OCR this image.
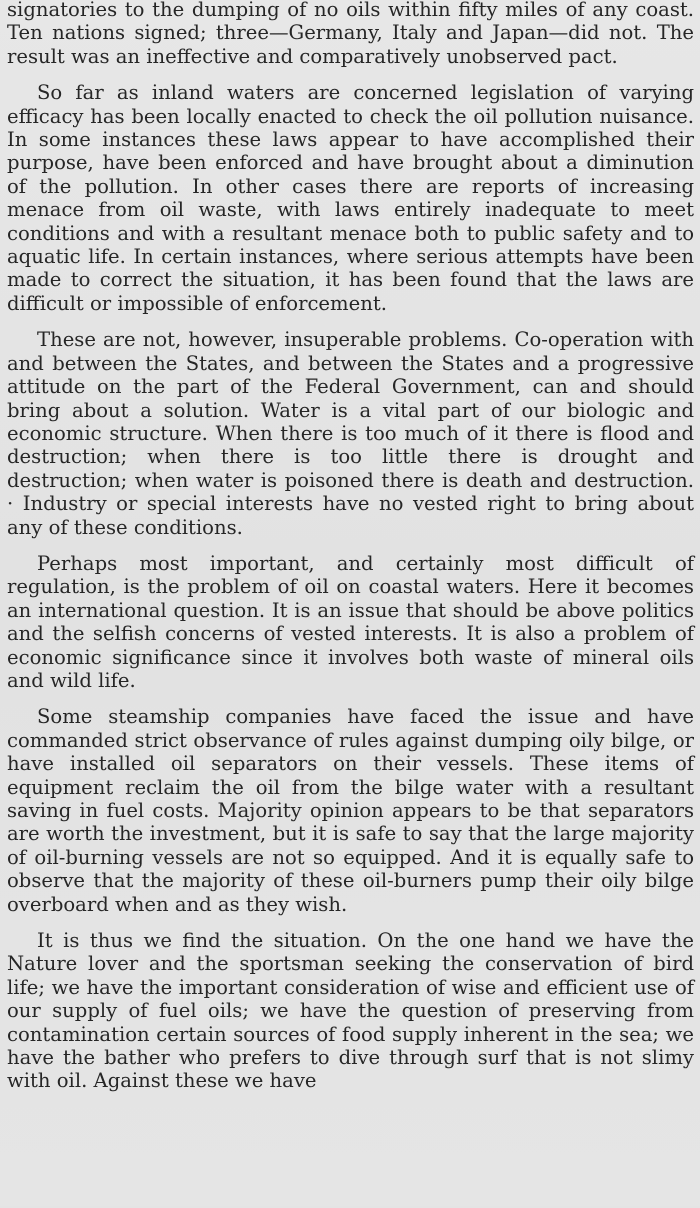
signatories to the dumping of no oils within fifty miles of any coast. Ten nations signed; three—Germany, Italy and Japan—did not. The result was an ineffective and comparatively unobserved pact.

So far as inland waters are concerned legislation of varying efficacy has been locally enacted to check the oil pollution nuisance. In some instances these laws appear to have accomplished their purpose, have been enforced and have brought about a diminution of the pollution. In other cases there are reports of increasing menace from oil waste, with laws entirely inadequate to meet conditions and with a resultant menace both to public safety and to aquatic life. In certain instances, where serious attempts have been made to correct the situation, it has been found that the laws are difficult or impossible of enforcement.

These are not, however, insuperable problems. Co-operation with and between the States, and between the States and a progressive attitude on the part of the Federal Government, can and should bring about a solution. Water is a vital part of our biologic and economic structure. When there is too much of it there is flood and destruction; when there is too little there is drought and destruction; when water is poisoned there is death and destruction. · Industry or special interests have no vested right to bring about any of these conditions.

Perhaps most important, and certainly most difficult of regulation, is the problem of oil on coastal waters. Here it becomes an international question. It is an issue that should be above politics and the selfish concerns of vested interests. It is also a problem of economic significance since it involves both waste of mineral oils and wild life.

Some steamship companies have faced the issue and have commanded strict observance of rules against dumping oily bilge, or have installed oil separators on their vessels. These items of equipment reclaim the oil from the bilge water with a resultant saving in fuel costs. Majority opinion appears to be that separators are worth the investment, but it is safe to say that the large majority of oil-burning vessels are not so equipped. And it is equally safe to observe that the majority of these oil-burners pump their oily bilge overboard when and as they wish.

It is thus we find the situation. On the one hand we have the Nature lover and the sportsman seeking the conservation of bird life; we have the important consideration of wise and efficient use of our supply of fuel oils; we have the question of preserving from contamination certain sources of food supply inherent in the sea; we have the bather who prefers to dive through surf that is not slimy with oil. Against these we have
